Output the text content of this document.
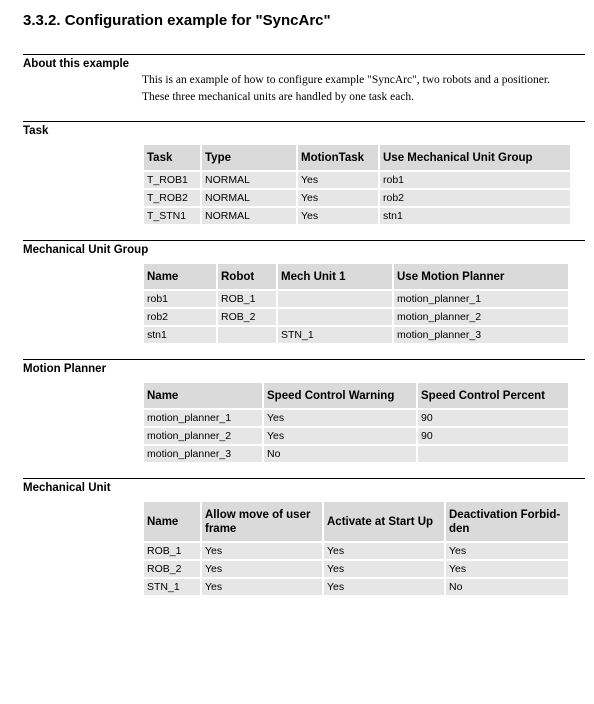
3.3.2. Configuration example for "SyncArc"
About this example

This is an example of how to configure example "SyncArc", two robots and a positioner.

These three mechanical units are handled by one task each.

Task
Task	Type	MotionTask	Use Mechanical Unit Group
T_ROB1	NORMAL	Yes	rob1
T_ROB2	NORMAL	Yes	rob2
T_STN1	NORMAL	Yes	stn1
Mechanical Unit Group
Name	Robot	Mech Unit 1	Use Motion Planner
rob1	ROB_1		motion_planner_1
rob2	ROB_2		motion_planner_2
stn1		STN_1	motion_planner_3
Motion Planner
Name	Speed Control Warning	Speed Control Percent
motion_planner_1	Yes	90
motion_planner_2	Yes	90
motion_planner_3	No	
Mechanical Unit
Name	Allow move of user frame	Activate at Start Up	Deactivation Forbid-den
ROB_1	Yes	Yes	Yes
ROB_2	Yes	Yes	Yes
STN_1	Yes	Yes	No
